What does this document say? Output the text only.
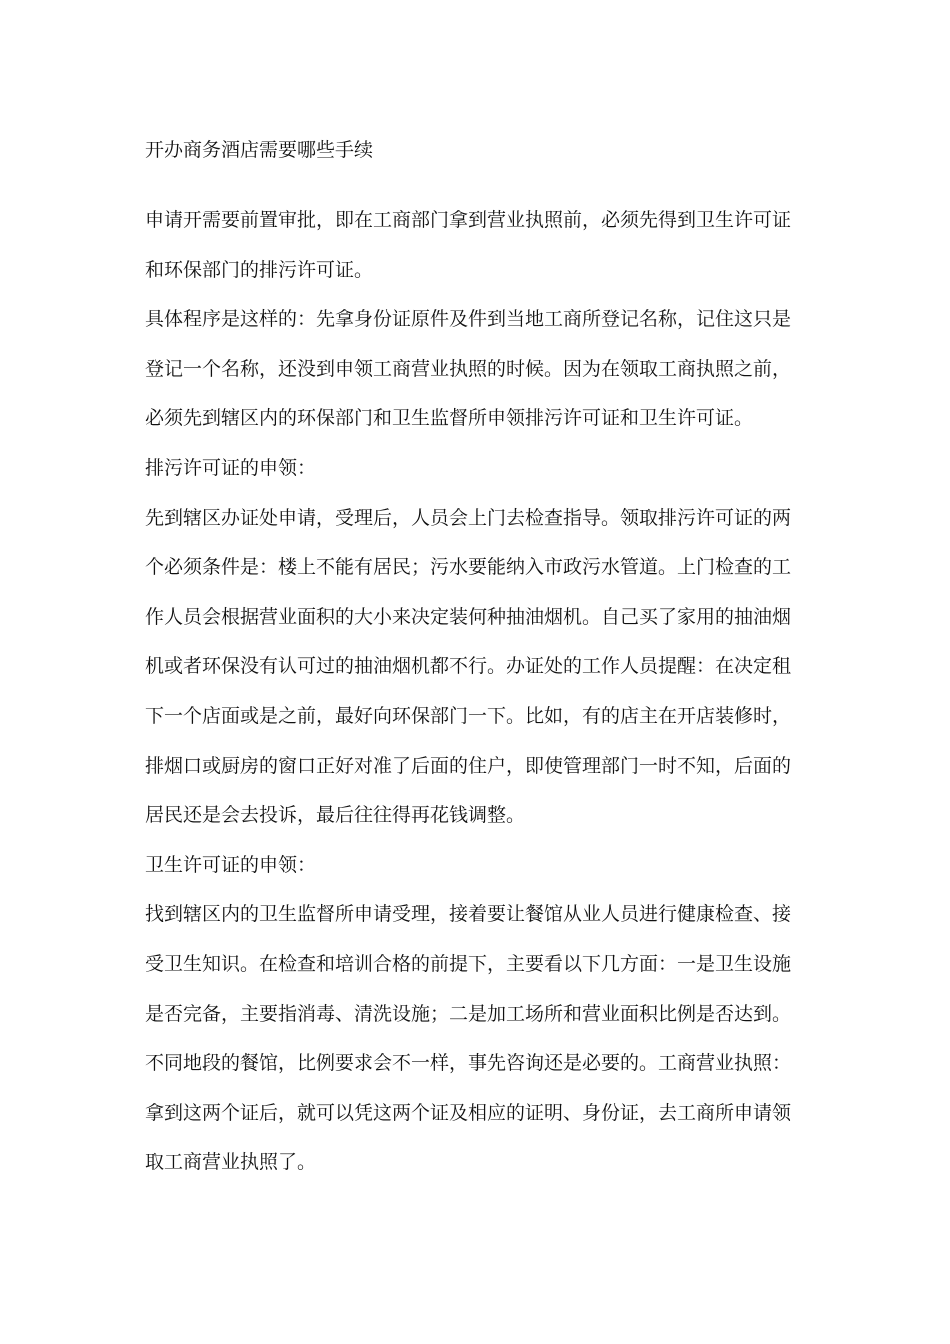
开办商务酒店需要哪些手续
申请开需要前置审批，即在工商部门拿到营业执照前，必须先得到卫生许可证
和环保部门的排污许可证。
具体程序是这样的：先拿身份证原件及件到当地工商所登记名称，记住这只是
登记一个名称，还没到申领工商营业执照的时候。因为在领取工商执照之前，
必须先到辖区内的环保部门和卫生监督所申领排污许可证和卫生许可证。
排污许可证的申领：
先到辖区办证处申请，受理后，人员会上门去检查指导。领取排污许可证的两
个必须条件是：楼上不能有居民；污水要能纳入市政污水管道。上门检查的工
作人员会根据营业面积的大小来决定装何种抽油烟机。自己买了家用的抽油烟
机或者环保没有认可过的抽油烟机都不行。办证处的工作人员提醒：在决定租
下一个店面或是之前，最好向环保部门一下。比如，有的店主在开店装修时，
排烟口或厨房的窗口正好对准了后面的住户，即使管理部门一时不知，后面的
居民还是会去投诉，最后往往得再花钱调整。
卫生许可证的申领：
找到辖区内的卫生监督所申请受理，接着要让餐馆从业人员进行健康检查、接
受卫生知识。在检查和培训合格的前提下，主要看以下几方面：一是卫生设施
是否完备，主要指消毒、清洗设施；二是加工场所和营业面积比例是否达到。
不同地段的餐馆，比例要求会不一样，事先咨询还是必要的。工商营业执照：
拿到这两个证后，就可以凭这两个证及相应的证明、身份证，去工商所申请领
取工商营业执照了。
